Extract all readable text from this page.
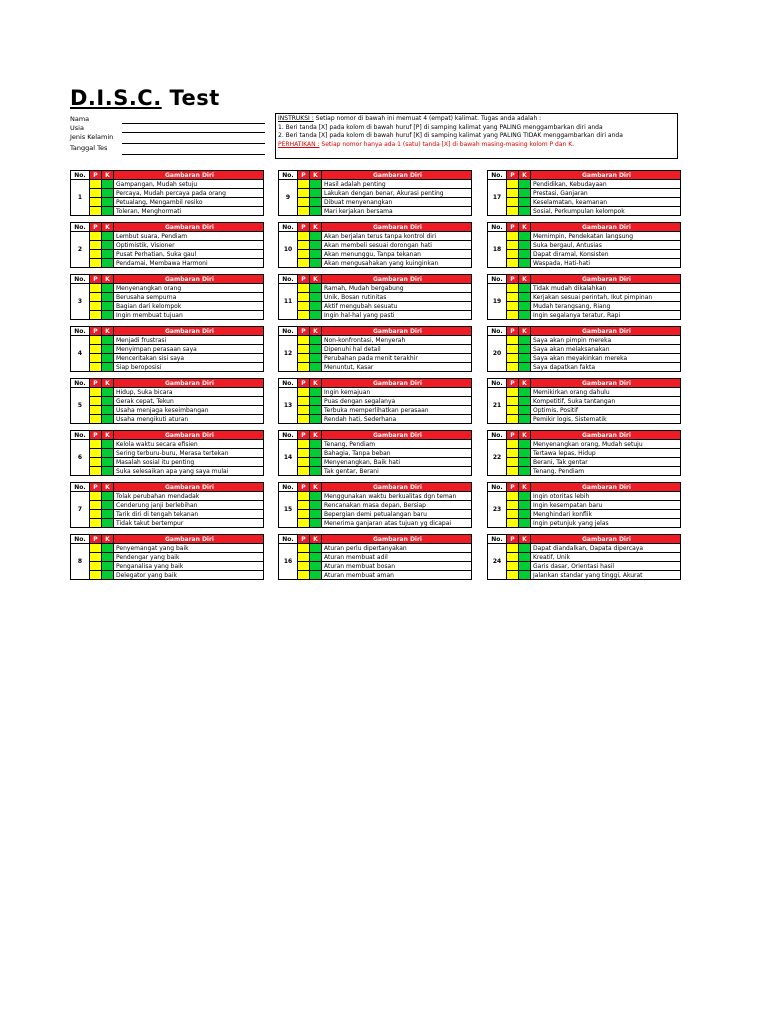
D.I.S.C. Test
Nama
Usia
Jenis Kelamin
Tanggal Tes
INSTRUKSI : Setiap nomor di bawah ini memuat 4 (empat) kalimat. Tugas anda adalah :
1. Beri tanda [X] pada kolom di bawah huruf [P] di samping kalimat yang PALING menggambarkan diri anda
2. Beri tanda [X] pada kolom di bawah huruf [K] di samping kalimat yang PALING TIDAK menggambarkan diri anda
PERHATIKAN : Setiap nomor hanya ada 1 (satu) tanda [X] di bawah masing-masing kolom P dan K.
No.	P	K	Gambaran Diri
1			Gampangan, Mudah setuju
			Percaya, Mudah percaya pada orang
			Petualang, Mengambil resiko
			Toleran, Menghormati
No.	P	K	Gambaran Diri
2			Lembut suara, Pendiam
			Optimistik, Visioner
			Pusat Perhatian, Suka gaul
			Pendamai, Membawa Harmoni
No.	P	K	Gambaran Diri
3			Menyenangkan orang
			Berusaha sempurna
			Bagian dari kelompok
			Ingin membuat tujuan
No.	P	K	Gambaran Diri
4			Menjadi frustrasi
			Menyimpan perasaan saya
			Menceritakan sisi saya
			Siap beroposisi
No.	P	K	Gambaran Diri
5			Hidup, Suka bicara
			Gerak cepat, Tekun
			Usaha menjaga keseimbangan
			Usaha mengikuti aturan
No.	P	K	Gambaran Diri
6			Kelola waktu secara efisien
			Sering terburu-buru, Merasa tertekan
			Masalah sosial itu penting
			Suka selesaikan apa yang saya mulai
No.	P	K	Gambaran Diri
7			Tolak perubahan mendadak
			Cenderung janji berlebihan
			Tarik diri di tengah tekanan
			Tidak takut bertempur
No.	P	K	Gambaran Diri
8			Penyemangat yang baik
			Pendengar yang baik
			Penganalisa yang baik
			Delegator yang baik
No.	P	K	Gambaran Diri
9			Hasil adalah penting
			Lakukan dengan benar, Akurasi penting
			Dibuat menyenangkan
			Mari kerjakan bersama
No.	P	K	Gambaran Diri
10			Akan berjalan terus tanpa kontrol diri
			Akan membeli sesuai dorongan hati
			Akan menunggu, Tanpa tekanan
			Akan mengusahakan yang kuinginkan
No.	P	K	Gambaran Diri
11			Ramah, Mudah bergabung
			Unik, Bosan rutinitas
			Aktif mengubah sesuatu
			Ingin hal-hal yang pasti
No.	P	K	Gambaran Diri
12			Non-konfrontasi, Menyerah
			Dipenuhi hal detail
			Perubahan pada menit terakhir
			Menuntut, Kasar
No.	P	K	Gambaran Diri
13			Ingin kemajuan
			Puas dengan segalanya
			Terbuka memperlihatkan perasaan
			Rendah hati, Sederhana
No.	P	K	Gambaran Diri
14			Tenang, Pendiam
			Bahagia, Tanpa beban
			Menyenangkan, Baik hati
			Tak gentar, Berani
No.	P	K	Gambaran Diri
15			Menggunakan waktu berkualitas dgn teman
			Rencanakan masa depan, Bersiap
			Bepergian demi petualangan baru
			Menerima ganjaran atas tujuan yg dicapai
No.	P	K	Gambaran Diri
16			Aturan perlu dipertanyakan
			Aturan membuat adil
			Aturan membuat bosan
			Aturan membuat aman
No.	P	K	Gambaran Diri
17			Pendidikan, Kebudayaan
			Prestasi, Ganjaran
			Keselamatan, keamanan
			Sosial, Perkumpulan kelompok
No.	P	K	Gambaran Diri
18			Memimpin, Pendekatan langsung
			Suka bergaul, Antusias
			Dapat diramal, Konsisten
			Waspada, Hati-hati
No.	P	K	Gambaran Diri
19			Tidak mudah dikalahkan
			Kerjakan sesuai perintah, Ikut pimpinan
			Mudah terangsang, Riang
			Ingin segalanya teratur, Rapi
No.	P	K	Gambaran Diri
20			Saya akan pimpin mereka
			Saya akan melaksanakan
			Saya akan meyakinkan mereka
			Saya dapatkan fakta
No.	P	K	Gambaran Diri
21			Memikirkan orang dahulu
			Kompetitif, Suka tantangan
			Optimis, Positif
			Pemikir logis, Sistematik
No.	P	K	Gambaran Diri
22			Menyenangkan orang, Mudah setuju
			Tertawa lepas, Hidup
			Berani, Tak gentar
			Tenang, Pendiam
No.	P	K	Gambaran Diri
23			Ingin otoritas lebih
			Ingin kesempatan baru
			Menghindari konflik
			Ingin petunjuk yang jelas
No.	P	K	Gambaran Diri
24			Dapat diandalkan, Dapata dipercaya
			Kreatif, Unik
			Garis dasar, Orientasi hasil
			Jalankan standar yang tinggi, Akurat
